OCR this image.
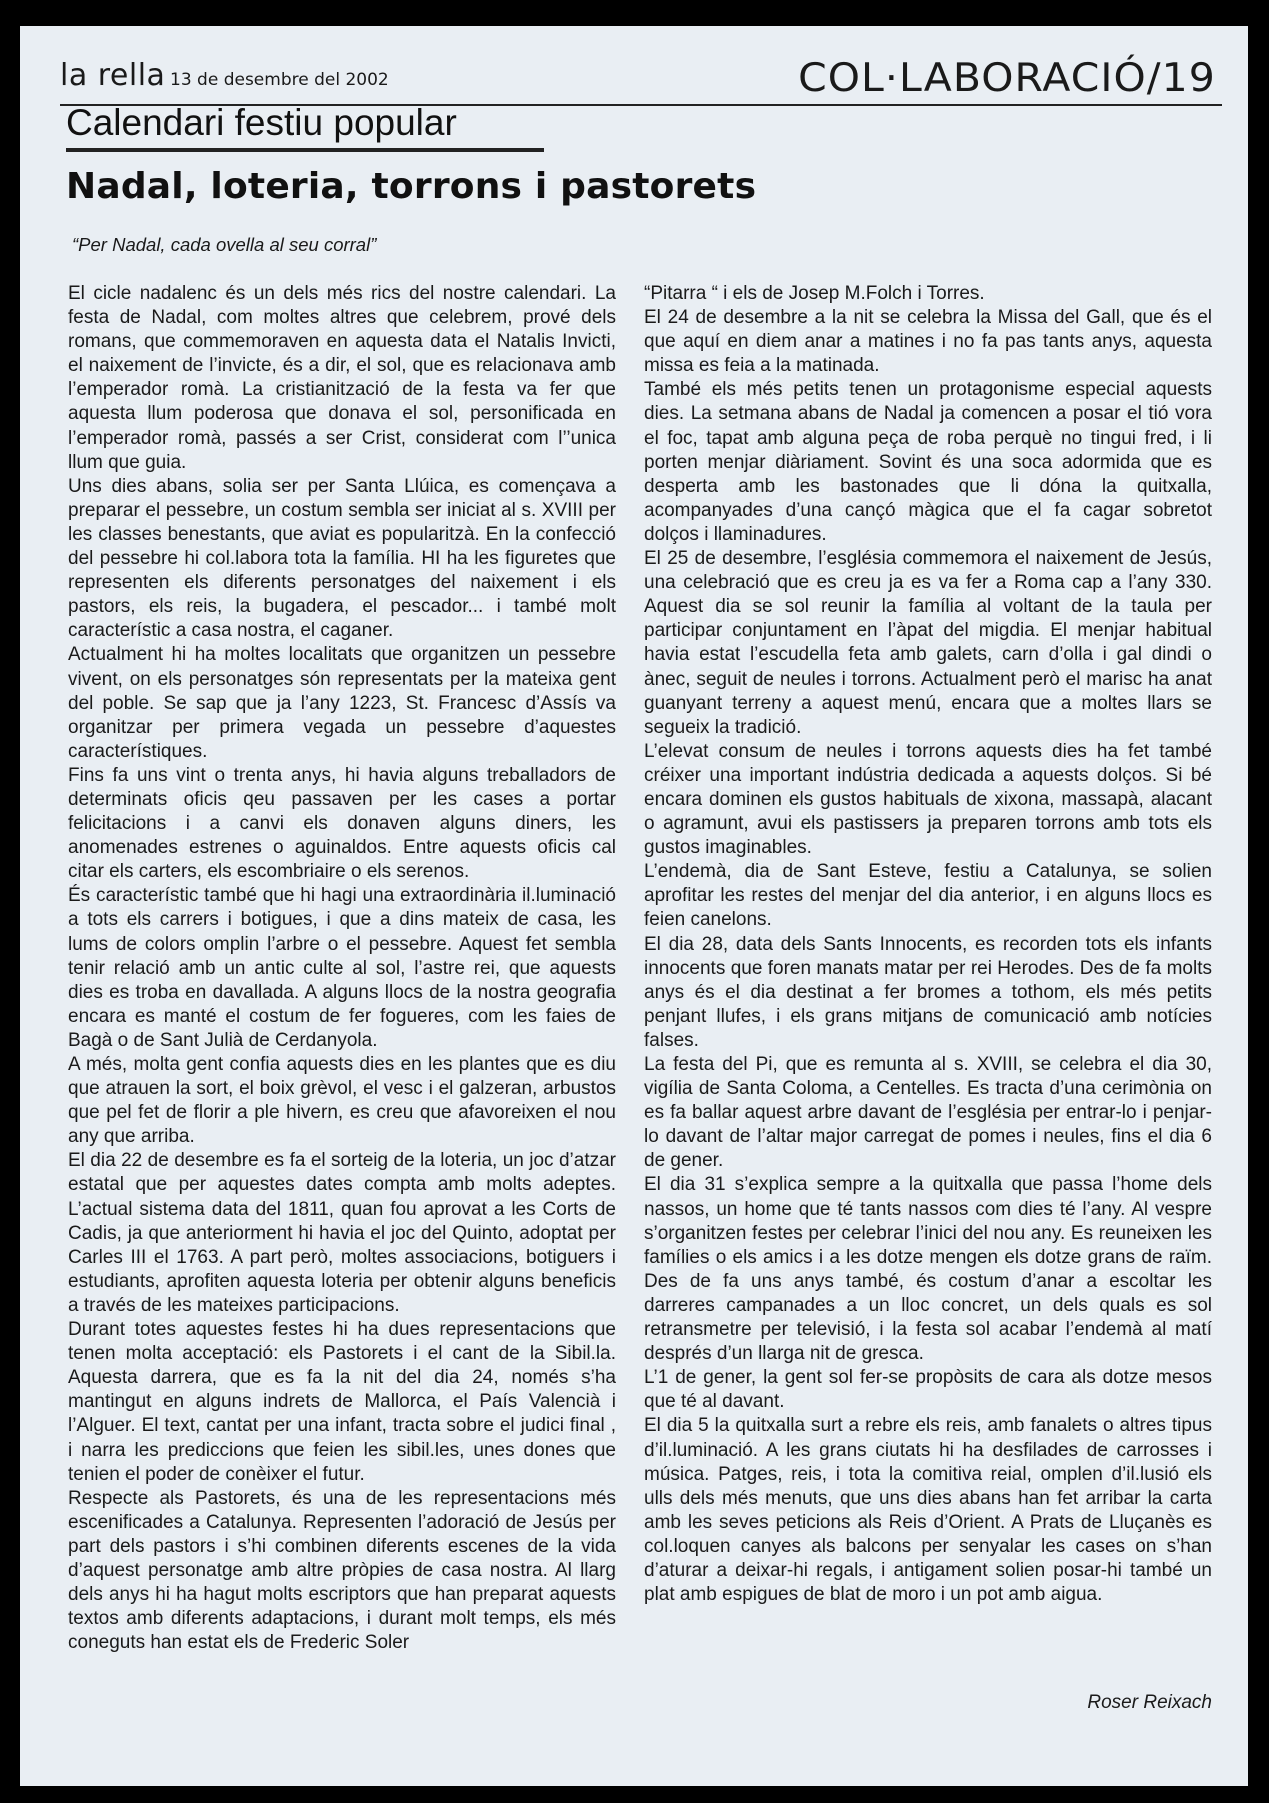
la rella 13 de desembre del 2002	COL·LABORACIÓ/19
Calendari festiu popular
Nadal, loteria, torrons i pastorets
“Per Nadal, cada ovella al seu corral”

El cicle nadalenc és un dels més rics del nostre calendari. La festa de Nadal, com moltes altres que celebrem, prové dels romans, que commemoraven en aquesta data el Natalis Invicti, el naixement de l’invicte, és a dir, el sol, que es relacionava amb l’emperador romà. La cristianització de la festa va fer que aquesta llum poderosa que donava el sol, personificada en l’emperador romà, passés a ser Crist, considerat com l’’unica llum que guia.

Uns dies abans, solia ser per Santa Llúica, es començava a preparar el pessebre, un costum sembla ser iniciat al s. XVIII per les classes benestants, que aviat es popularitzà. En la confecció del pessebre hi col.labora tota la família. HI ha les figuretes que representen els diferents personatges del naixement i els pastors, els reis, la bugadera, el pescador... i també molt característic a casa nostra, el caganer.

Actualment hi ha moltes localitats que organitzen un pessebre vivent, on els personatges són representats per la mateixa gent del poble. Se sap que ja l’any 1223, St. Francesc d’Assís va organitzar per primera vegada un pessebre d’aquestes característiques.

Fins fa uns vint o trenta anys, hi havia alguns treballadors de determinats oficis qeu passaven per les cases a portar felicitacions i a canvi els donaven alguns diners, les anomenades estrenes o aguinaldos. Entre aquests oficis cal citar els carters, els escombriaire o els serenos.

És característic també que hi hagi una extraordinària il.luminació a tots els carrers i botigues, i que a dins mateix de casa, les lums de colors omplin l’arbre o el pessebre. Aquest fet sembla tenir relació amb un antic culte al sol, l’astre rei, que aquests dies es troba en davallada. A alguns llocs de la nostra geografia encara es manté el costum de fer fogueres, com les faies de Bagà o de Sant Julià de Cerdanyola.

A més, molta gent confia aquests dies en les plantes que es diu que atrauen la sort, el boix grèvol, el vesc i el galzeran, arbustos que pel fet de florir a ple hivern, es creu que afavoreixen el nou any que arriba.

El dia 22 de desembre es fa el sorteig de la loteria, un joc d’atzar estatal que per aquestes dates compta amb molts adeptes. L’actual sistema data del 1811, quan fou aprovat a les Corts de Cadis, ja que anteriorment hi havia el joc del Quinto, adoptat per Carles III el 1763. A part però, moltes associacions, botiguers i estudiants, aprofiten aquesta loteria per obtenir alguns beneficis a través de les mateixes participacions.

Durant totes aquestes festes hi ha dues representacions que tenen molta acceptació: els Pastorets i el cant de la Sibil.la. Aquesta darrera, que es fa la nit del dia 24, només s’ha mantingut en alguns indrets de Mallorca, el País Valencià i l’Alguer. El text, cantat per una infant, tracta sobre el judici final , i narra les prediccions que feien les sibil.les, unes dones que tenien el poder de conèixer el futur.

Respecte als Pastorets, és una de les representacions més escenificades a Catalunya. Representen l’adoració de Jesús per part dels pastors i s’hi combinen diferents escenes de la vida d’aquest personatge amb altre pròpies de casa nostra. Al llarg dels anys hi ha hagut molts escriptors que han preparat aquests textos amb diferents adaptacions, i durant molt temps, els més coneguts han estat els de Frederic Soler

“Pitarra “ i els de Josep M.Folch i Torres.

El 24 de desembre a la nit se celebra la Missa del Gall, que és el que aquí en diem anar a matines i no fa pas tants anys, aquesta missa es feia a la matinada.

També els més petits tenen un protagonisme especial aquests dies. La setmana abans de Nadal ja comencen a posar el tió vora el foc, tapat amb alguna peça de roba perquè no tingui fred, i li porten menjar diàriament. Sovint és una soca adormida que es desperta amb les bastonades que li dóna la quitxalla, acompanyades d’una cançó màgica que el fa cagar sobretot dolços i llaminadures.

El 25 de desembre, l’església commemora el naixement de Jesús, una celebració que es creu ja es va fer a Roma cap a l’any 330. Aquest dia se sol reunir la família al voltant de la taula per participar conjuntament en l’àpat del migdia. El menjar habitual havia estat l’escudella feta amb galets, carn d’olla i gal dindi o ànec, seguit de neules i torrons. Actualment però el marisc ha anat guanyant terreny a aquest menú, encara que a moltes llars se segueix la tradició.

L’elevat consum de neules i torrons aquests dies ha fet també créixer una important indústria dedicada a aquests dolços. Si bé encara dominen els gustos habituals de xixona, massapà, alacant o agramunt, avui els pastissers ja preparen torrons amb tots els gustos imaginables.

L’endemà, dia de Sant Esteve, festiu a Catalunya, se solien aprofitar les restes del menjar del dia anterior, i en alguns llocs es feien canelons.

El dia 28, data dels Sants Innocents, es recorden tots els infants innocents que foren manats matar per rei Herodes. Des de fa molts anys és el dia destinat a fer bromes a tothom, els més petits penjant llufes, i els grans mitjans de comunicació amb notícies falses.

La festa del Pi, que es remunta al s. XVIII, se celebra el dia 30, vigília de Santa Coloma, a Centelles. Es tracta d’una cerimònia on es fa ballar aquest arbre davant de l’església per entrar-lo i penjar-lo davant de l’altar major carregat de pomes i neules, fins el dia 6 de gener.

El dia 31 s’explica sempre a la quitxalla que passa l’home dels nassos, un home que té tants nassos com dies té l’any. Al vespre s’organitzen festes per celebrar l’inici del nou any. Es reuneixen les famílies o els amics i a les dotze mengen els dotze grans de raïm. Des de fa uns anys també, és costum d’anar a escoltar les darreres campanades a un lloc concret, un dels quals es sol retransmetre per televisió, i la festa sol acabar l’endemà al matí després d’un llarga nit de gresca.

L’1 de gener, la gent sol fer-se propòsits de cara als dotze mesos que té al davant.

El dia 5 la quitxalla surt a rebre els reis, amb fanalets o altres tipus d’il.luminació. A les grans ciutats hi ha desfilades de carrosses i música. Patges, reis, i tota la comitiva reial, omplen d’il.lusió els ulls dels més menuts, que uns dies abans han fet arribar la carta amb les seves peticions als Reis d’Orient. A Prats de Lluçanès es col.loquen canyes als balcons per senyalar les cases on s’han d’aturar a deixar-hi regals, i antigament solien posar-hi també un plat amb espigues de blat de moro i un pot amb aigua.

Roser Reixach
